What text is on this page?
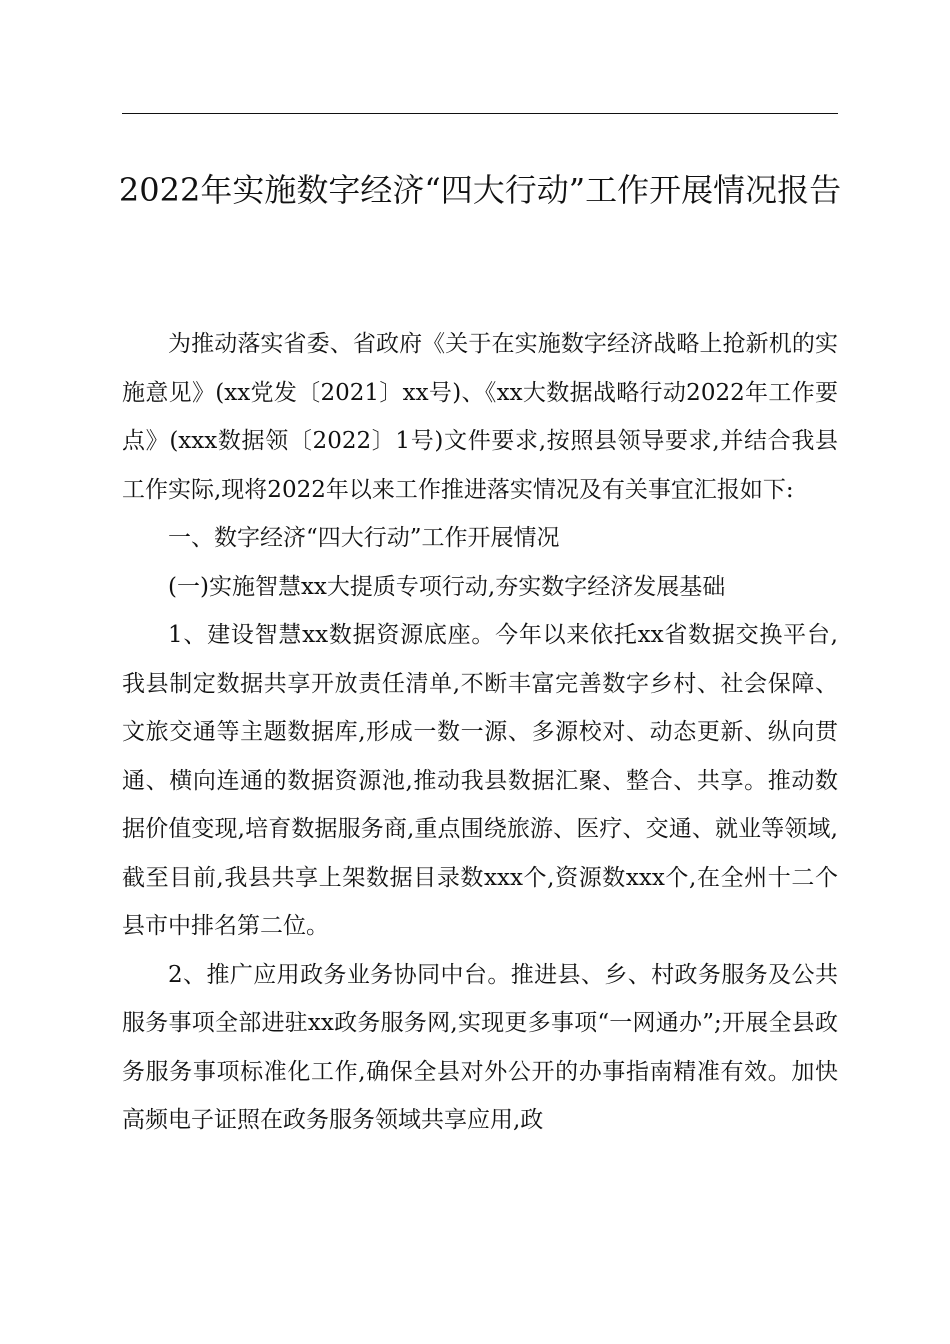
2022年实施数字经济“四大行动”工作开展情况报告

为推动落实省委、省政府《关于在实施数字经济战略上抢新机的实施意见》(xx党发〔2021〕xx号)、《xx大数据战略行动2022年工作要点》(xxx数据领〔2022〕1号)文件要求,按照县领导要求,并结合我县工作实际,现将2022年以来工作推进落实情况及有关事宜汇报如下:

一、数字经济“四大行动”工作开展情况

(一)实施智慧xx大提质专项行动,夯实数字经济发展基础

1、建设智慧xx数据资源底座。今年以来依托xx省数据交换平台,我县制定数据共享开放责任清单,不断丰富完善数字乡村、社会保障、文旅交通等主题数据库,形成一数一源、多源校对、动态更新、纵向贯通、横向连通的数据资源池,推动我县数据汇聚、整合、共享。推动数据价值变现,培育数据服务商,重点围绕旅游、医疗、交通、就业等领域,截至目前,我县共享上架数据目录数xxx个,资源数xxx个,在全州十二个县市中排名第二位。

2、推广应用政务业务协同中台。推进县、乡、村政务服务及公共服务事项全部进驻xx政务服务网,实现更多事项“一网通办”;开展全县政务服务事项标准化工作,确保全县对外公开的办事指南精准有效。加快高频电子证照在政务服务领域共享应用,政
